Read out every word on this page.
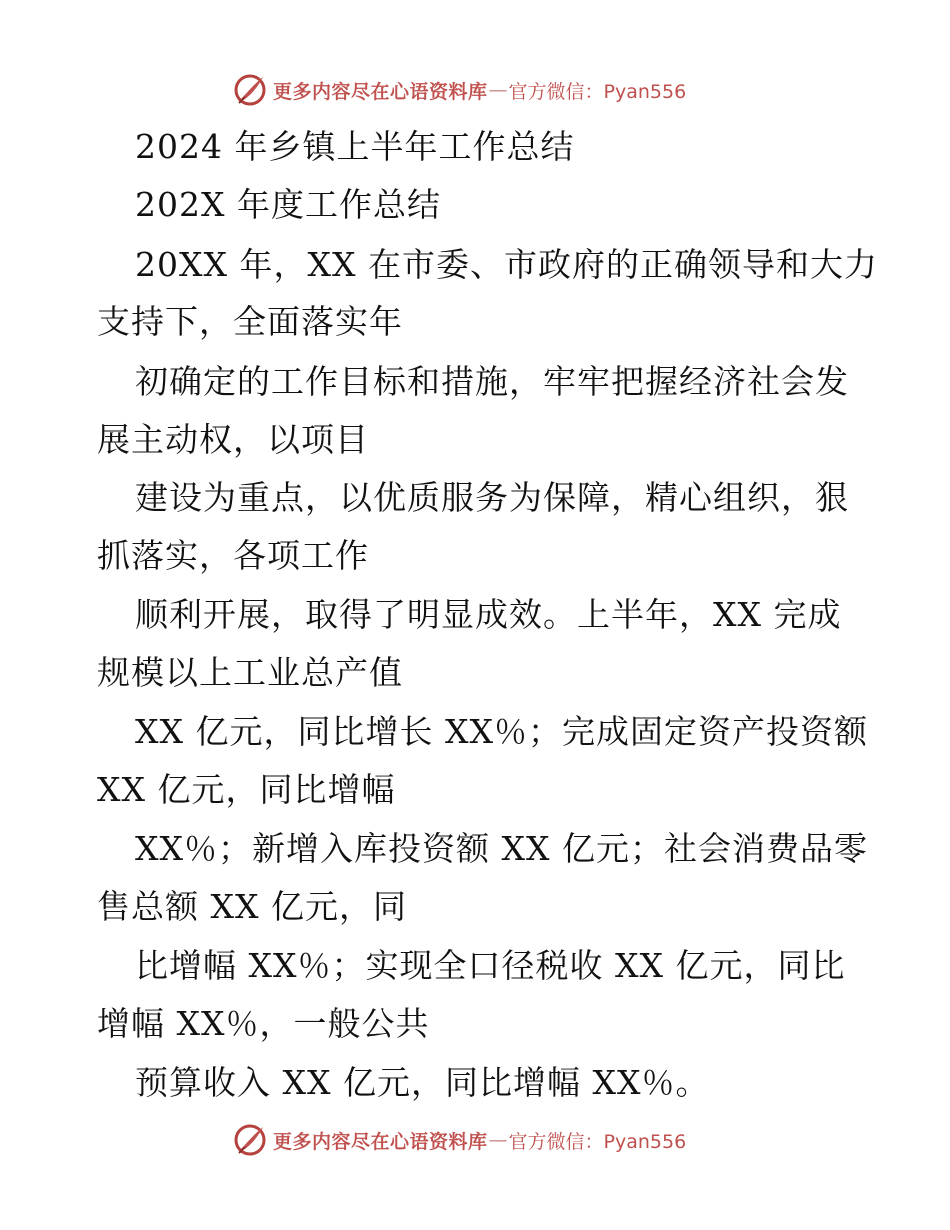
更多内容尽在心语资料库 — 官方微信：Pyan556
2024 年乡镇上半年工作总结
202X 年度工作总结
20XX 年，XX 在市委、市政府的正确领导和大力
支持下，全面落实年
初确定的工作目标和措施，牢牢把握经济社会发
展主动权，以项目
建设为重点，以优质服务为保障，精心组织，狠
抓落实，各项工作
顺利开展，取得了明显成效。上半年，XX 完成
规模以上工业总产值
XX 亿元，同比增长 XX％；完成固定资产投资额
XX 亿元，同比增幅
XX％；新增入库投资额 XX 亿元；社会消费品零
售总额 XX 亿元，同
比增幅 XX％；实现全口径税收 XX 亿元，同比
增幅 XX％，一般公共
预算收入 XX 亿元，同比增幅 XX％。
更多内容尽在心语资料库 — 官方微信：Pyan556
